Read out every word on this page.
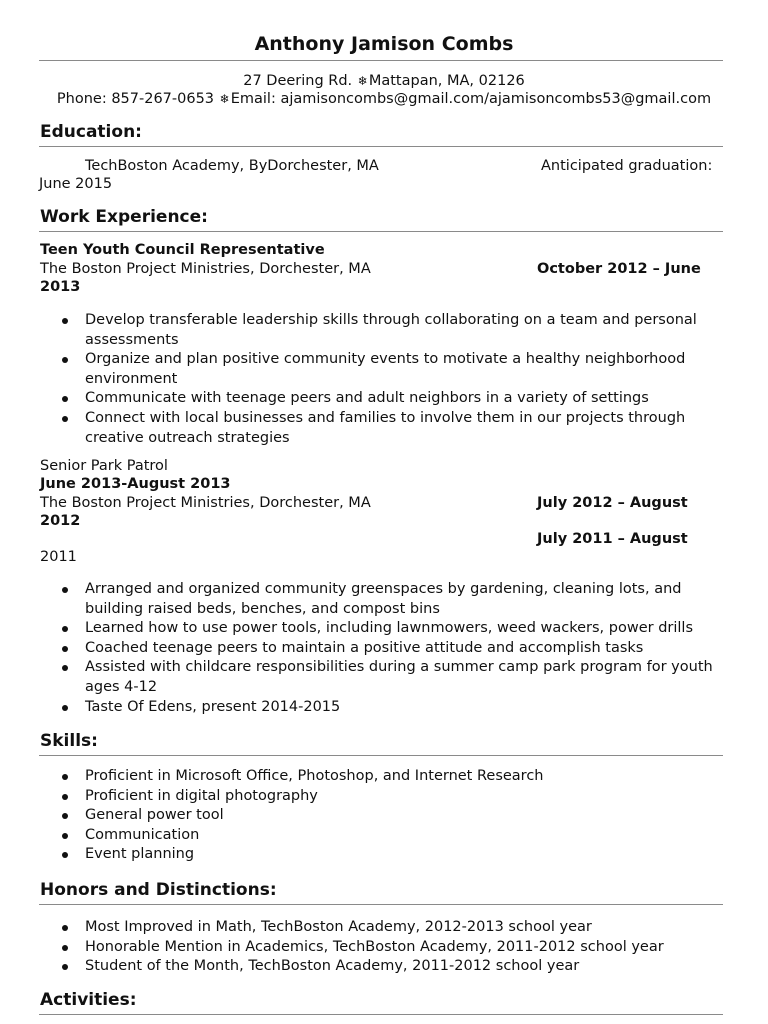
Anthony Jamison Combs
27 Deering Rd. ❄Mattapan, MA, 02126
Phone: 857-267-0653 ❄Email: ajamisoncombs@gmail.com/ajamisoncombs53@gmail.com
Education:
TechBoston Academy, ByDorchester, MA	Anticipated graduation:
June 2015
Work Experience:
Teen Youth Council Representative
The Boston Project Ministries, Dorchester, MA	October 2012 – June
2013
Develop transferable leadership skills through collaborating on a team and personal assessments
Organize and plan positive community events to motivate a healthy neighborhood environment
Communicate with teenage peers and adult neighbors in a variety of settings
Connect with local businesses and families to involve them in our projects through creative outreach strategies
Senior Park Patrol
June 2013-August 2013
The Boston Project Ministries, Dorchester, MA	July 2012 – August
2012
July 2011 – August
2011
Arranged and organized community greenspaces by gardening, cleaning lots, and building raised beds, benches, and compost bins
Learned how to use power tools, including lawnmowers, weed wackers, power drills
Coached teenage peers to maintain a positive attitude and accomplish tasks
Assisted with childcare responsibilities during a summer camp park program for youth ages 4-12
Taste Of Edens, present 2014-2015
Skills:
Proficient in Microsoft Office, Photoshop, and Internet Research
Proficient in digital photography
General power tool
Communication
Event planning
Honors and Distinctions:
Most Improved in Math, TechBoston Academy, 2012-2013 school year
Honorable Mention in Academics, TechBoston Academy, 2011-2012 school year
Student of the Month, TechBoston Academy, 2011-2012 school year
Activities:
